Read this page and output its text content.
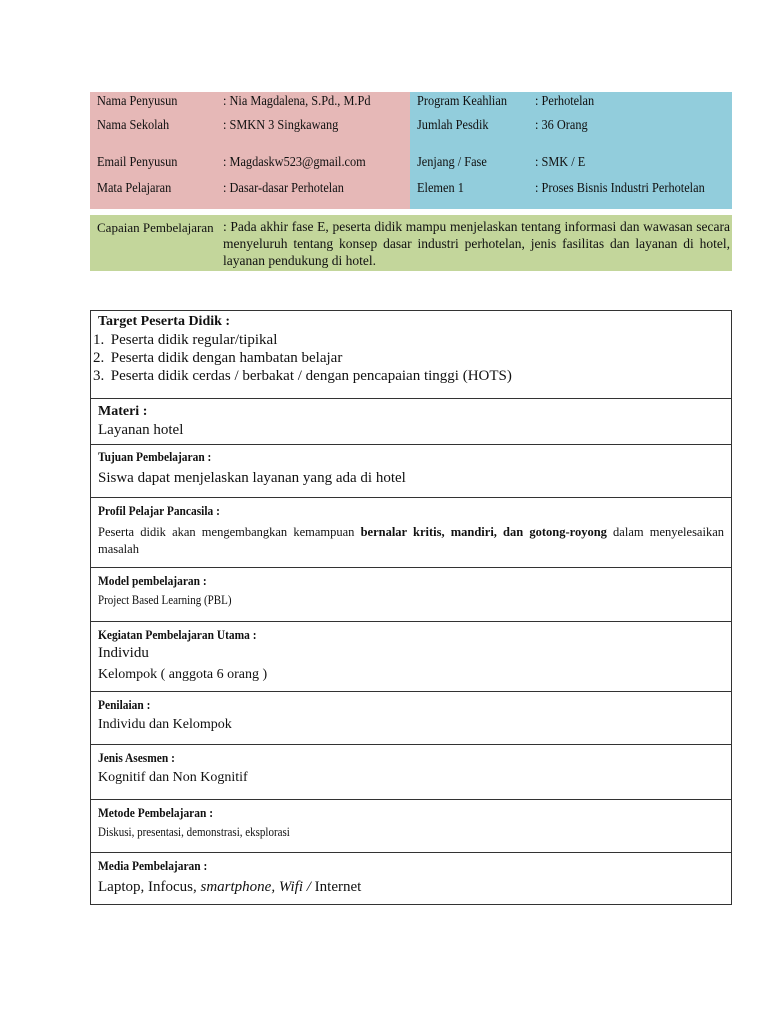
Nama Penyusun	: Nia Magdalena, S.Pd., M.Pd	Program Keahlian	: Perhotelan
Nama Sekolah	: SMKN 3 Singkawang	Jumlah Pesdik	: 36 Orang
Email Penyusun	: Magdaskw523@gmail.com	Jenjang / Fase	: SMK / E
Mata Pelajaran	: Dasar-dasar Perhotelan	Elemen 1	: Proses Bisnis Industri Perhotelan
Capaian Pembelajaran : Pada akhir fase E, peserta didik mampu menjelaskan tentang informasi dan wawasan secara menyeluruh tentang konsep dasar industri perhotelan, jenis fasilitas dan layanan di hotel, layanan pendukung di hotel.
Target Peserta Didik :
1. Peserta didik regular/tipikal
2. Peserta didik dengan hambatan belajar
3. Peserta didik cerdas / berbakat / dengan pencapaian tinggi (HOTS)
Materi :
Layanan hotel
Tujuan Pembelajaran :
Siswa dapat menjelaskan layanan yang ada di hotel
Profil Pelajar Pancasila :
Peserta didik akan mengembangkan kemampuan bernalar kritis, mandiri, dan gotong-royong dalam menyelesaikan masalah
Model pembelajaran :
Project Based Learning (PBL)
Kegiatan Pembelajaran Utama :
Individu
Kelompok ( anggota 6 orang )
Penilaian :
Individu dan Kelompok
Jenis Asesmen :
Kognitif dan Non Kognitif
Metode Pembelajaran :
Diskusi, presentasi, demonstrasi, eksplorasi
Media Pembelajaran :
Laptop, Infocus, smartphone, Wifi / Internet
